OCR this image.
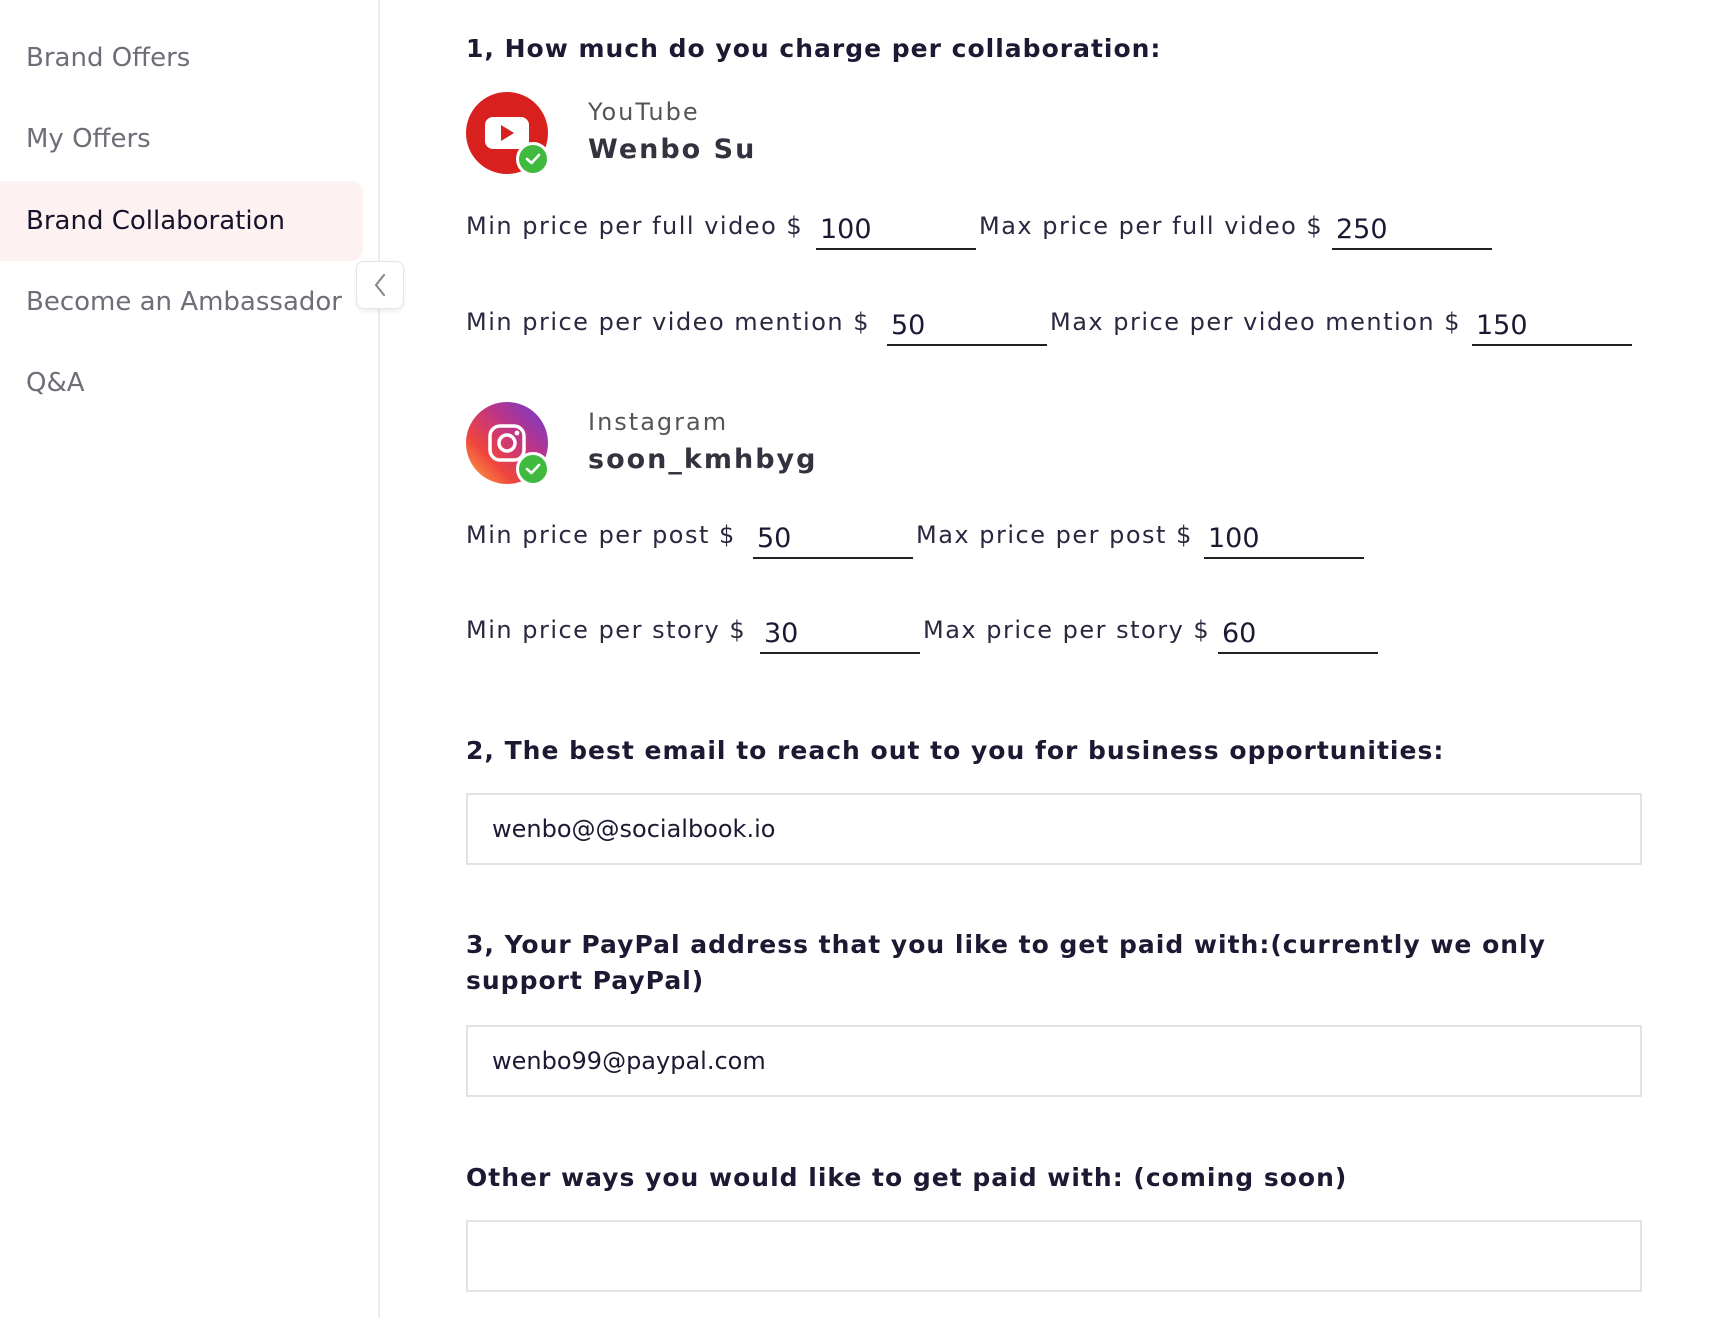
Brand Offers
My Offers
Brand Collaboration
Become an Ambassador
Q&A
1, How much do you charge per collaboration:
YouTube
Wenbo Su
Min price per full video $
100	Max price per full video $
250
Min price per video mention $
50	Max price per video mention $
150
Instagram
soon_kmhbyg
Min price per post $
50	Max price per post $
100
Min price per story $
30	Max price per story $
60
2, The best email to reach out to you for business opportunities:
wenbo@@socialbook.io
3, Your PayPal address that you like to get paid with:(currently we only support PayPal)
wenbo99@paypal.com
Other ways you would like to get paid with: (coming soon)
